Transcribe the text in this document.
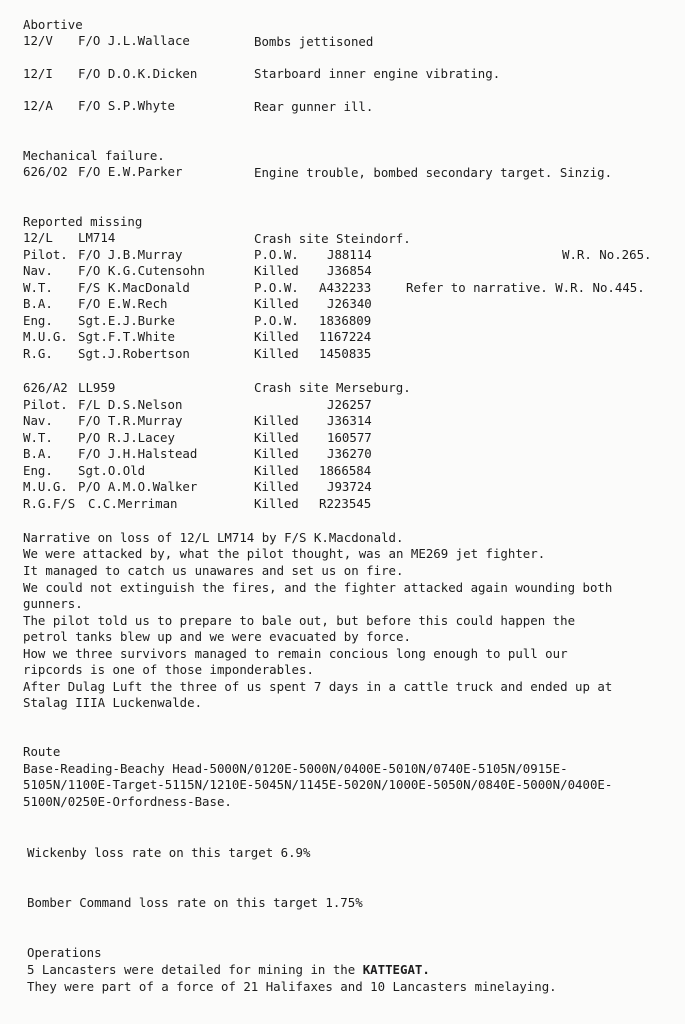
Abortive
12/V F/O J.L.Wallace	Bombs jettisoned
12/I F/O D.O.K.Dicken	Starboard inner engine vibrating.
12/A F/O S.P.Whyte	Rear gunner ill.
Mechanical failure.
626/O2 F/O E.W.Parker	Engine trouble, bombed secondary target. Sinzig.
Reported missing
12/L LM714	Crash site Steindorf.
Pilot. F/O J.B.Murray	P.O.W. J88114	W.R. No.265.
Nav. F/O K.G.Cutensohn	Killed J36854
W.T. F/S K.MacDonald	P.O.W. A432233	Refer to narrative. W.R. No.445.
B.A. F/O E.W.Rech	Killed J26340
Eng. Sgt.E.J.Burke	P.O.W. 1836809
M.U.G. Sgt.F.T.White	Killed 1167224
R.G. Sgt.J.Robertson	Killed 1450835
626/A2 LL959	Crash site Merseburg.
Pilot. F/L D.S.Nelson	J26257
Nav. F/O T.R.Murray	Killed J36314
W.T. P/O R.J.Lacey	Killed 160577
B.A. F/O J.H.Halstead	Killed J36270
Eng. Sgt.O.Old	Killed 1866584
M.U.G. P/O A.M.O.Walker	Killed J93724
R.G.F/S C.C.Merriman	Killed R223545
Narrative on loss of 12/L LM714 by F/S K.Macdonald.
We were attacked by, what the pilot thought, was an ME269 jet fighter.
It managed to catch us unawares and set us on fire.
We could not extinguish the fires, and the fighter attacked again wounding both
gunners.
The pilot told us to prepare to bale out, but before this could happen the
petrol tanks blew up and we were evacuated by force.
How we three survivors managed to remain concious long enough to pull our
ripcords is one of those imponderables.
After Dulag Luft the three of us spent 7 days in a cattle truck and ended up at
Stalag IIIA Luckenwalde.
Route
Base-Reading-Beachy Head-5000N/0120E-5000N/0400E-5010N/0740E-5105N/0915E-
5105N/1100E-Target-5115N/1210E-5045N/1145E-5020N/1000E-5050N/0840E-5000N/0400E-
5100N/0250E-Orfordness-Base.
Wickenby loss rate on this target 6.9%
Bomber Command loss rate on this target 1.75%
Operations
5 Lancasters were detailed for mining in the KATTEGAT.
They were part of a force of 21 Halifaxes and 10 Lancasters minelaying.
